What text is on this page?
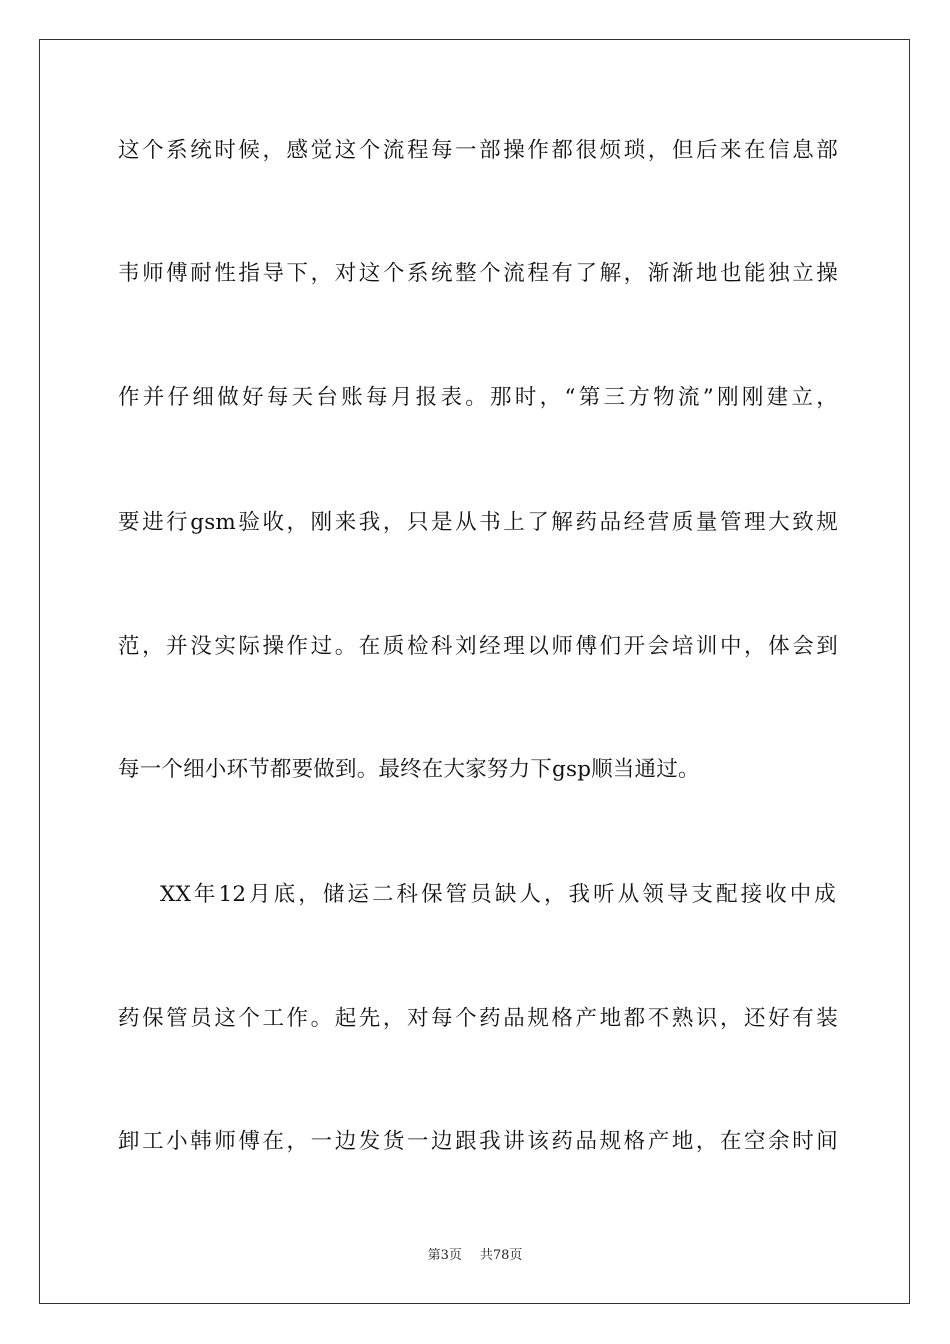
这个系统时候，感觉这个流程每一部操作都很烦琐，但后来在信息部
韦师傅耐性指导下，对这个系统整个流程有了解，渐渐地也能独立操
作并仔细做好每天台账每月报表。那时，“第三方物流”刚刚建立，
要进行gsm验收，刚来我，只是从书上了解药品经营质量管理大致规
范，并没实际操作过。在质检科刘经理以师傅们开会培训中，体会到
每一个细小环节都要做到。最终在大家努力下gsp顺当通过。
XX年12月底，储运二科保管员缺人，我听从领导支配接收中成
药保管员这个工作。起先，对每个药品规格产地都不熟识，还好有装
卸工小韩师傅在，一边发货一边跟我讲该药品规格产地，在空余时间
第3页 共78页
